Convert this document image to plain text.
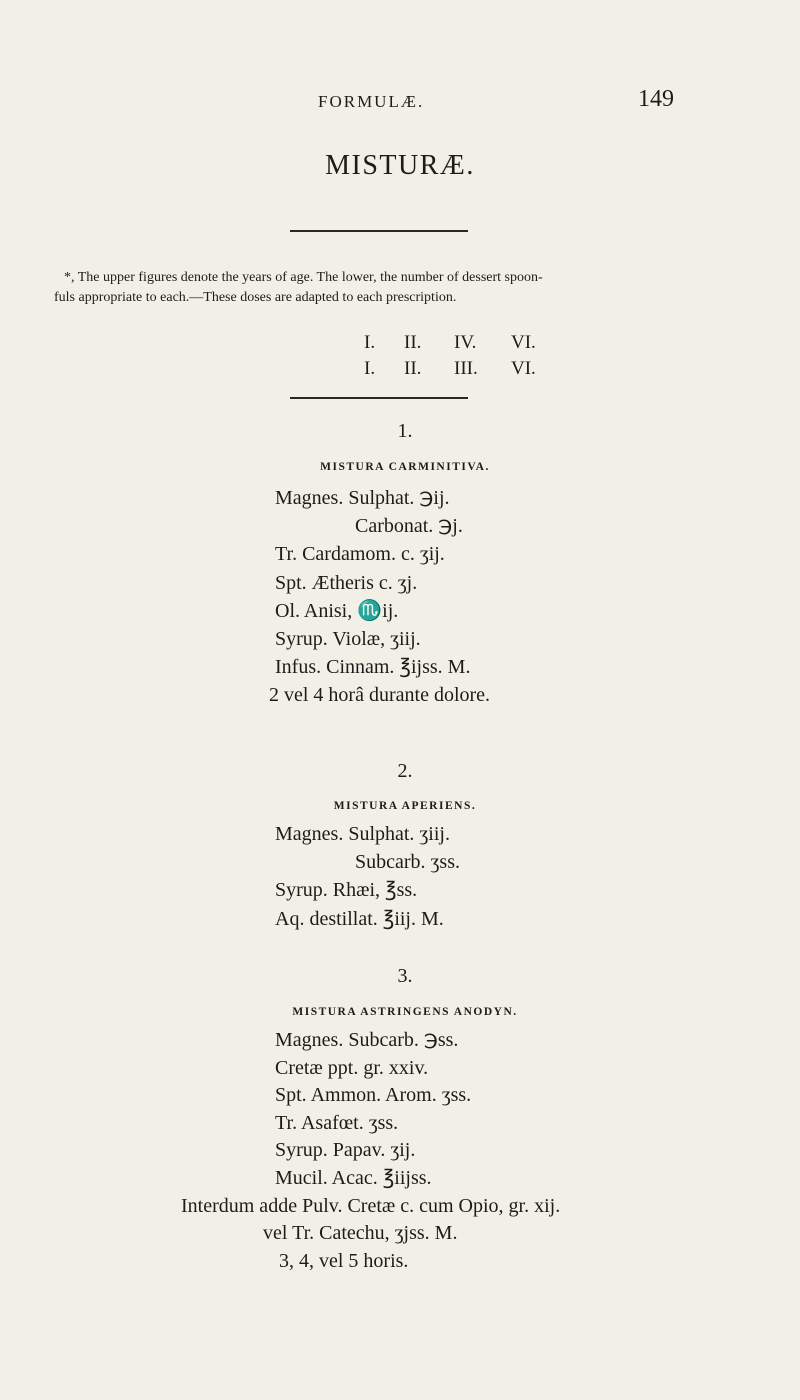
FORMULÆ.	149
MISTURÆ.

*, The upper figures denote the years of age. The lower, the number of dessert spoon-

fuls appropriate to each.—These doses are adapted to each prescription.

I.	II.	IV.	VI.
I.	II.	III.	VI.
1.
MISTURA CARMINITIVA.
Magnes. Sulphat. ℈ij.
Carbonat. ℈j.
Tr. Cardamom. c. ʒij.
Spt. Ætheris c. ʒj.
Ol. Anisi, ♏ij.
Syrup. Violæ, ʒiij.
Infus. Cinnam. ℥ijss. M.
2 vel 4 horâ durante dolore.
2.
MISTURA APERIENS.
Magnes. Sulphat. ʒiij.
Subcarb. ʒss.
Syrup. Rhæi, ℥ss.
Aq. destillat. ℥iij. M.
3.
MISTURA ASTRINGENS ANODYN.
Magnes. Subcarb. ℈ss.
Cretæ ppt. gr. xxiv.
Spt. Ammon. Arom. ʒss.
Tr. Asafœt. ʒss.
Syrup. Papav. ʒij.
Mucil. Acac. ℥iijss.
Interdum adde Pulv. Cretæ c. cum Opio, gr. xij.
vel Tr. Catechu, ʒjss. M.
3, 4, vel 5 horis.
